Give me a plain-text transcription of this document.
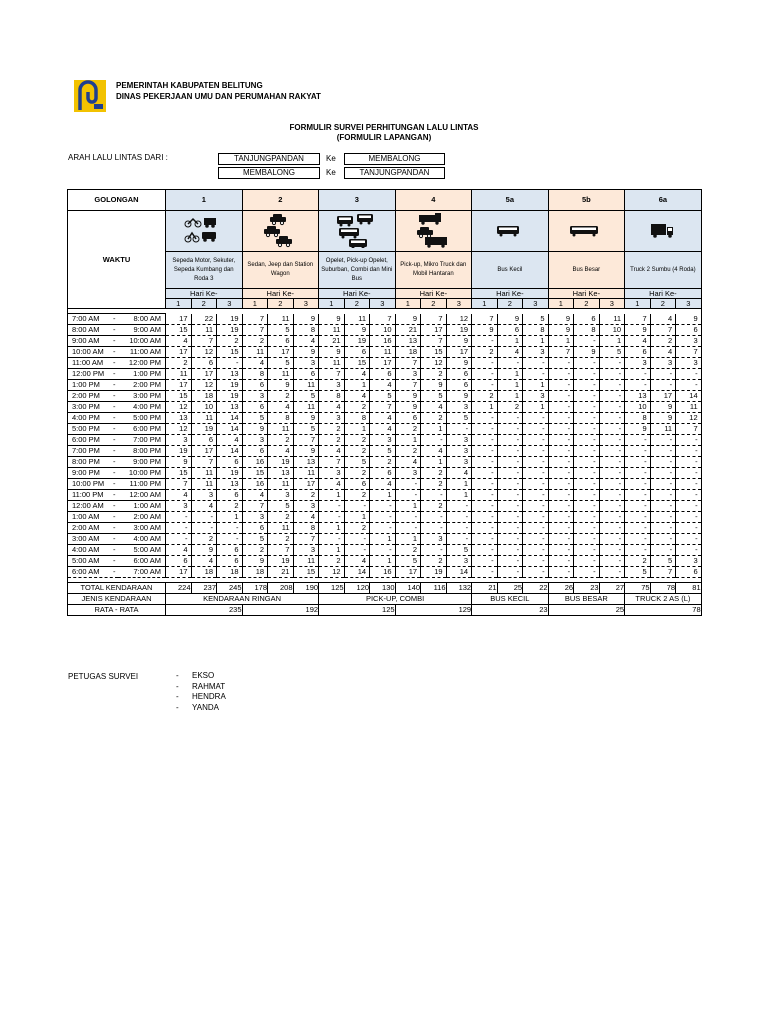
PEMERINTAH KABUPATEN BELITUNG
DINAS PEKERJAAN UMU DAN PERUMAHAN RAKYAT
FORMULIR SURVEI PERHITUNGAN LALU LINTAS
(FORMULIR LAPANGAN)
ARAH LALU LINTAS DARI :	TANJUNGPANDAN	Ke	MEMBALONG
MEMBALONG	Ke	TANJUNGPANDAN
GOLONGAN		1			2			3			4			5a			5b			6a		
WAKTU							
		Sepeda Motor, Sekuter, Sepeda Kumbang dan Roda 3			Sedan, Jeep dan Station Wagon			Opelet, Pick-up Opelet, Suburban, Combi dan Mini Bus			Pick-up, Mikro Truck dan Mobil Hantaran			Bus Kecil			Bus Besar			Truck 2 Sumbu (4 Roda)		
		Hari Ke-			Hari Ke-			Hari Ke-			Hari Ke-			Hari Ke-			Hari Ke-			Hari Ke-		
		1	2	3	1	2	3	1	2	3	1	2	3	1	2	3	1	2	3	1	2	3

7:00 AM -	8:00 AM	17	22	19	7	11	9	9	11	7	9	7	12	7	9	5	9	6	11	7	4	9
8:00 AM -	9:00 AM	15	11	19	7	5	8	11	9	10	21	17	19	9	6	8	9	8	10	9	7	6
9:00 AM -	10:00 AM	4	7	2	2	6	4	21	19	16	13	7	9	-	1	1	1	-	1	4	2	3
10:00 AM -	11:00 AM	17	12	15	11	17	9	9	6	11	18	15	17	2	4	3	7	9	5	6	4	7
11:00 AM -	12:00 PM	2	6	-	4	5	3	11	15	17	7	12	9	-	-	-	-	-	-	3	3	3
12:00 PM -	1:00 PM	11	17	13	8	11	6	7	4	6	3	2	6	-	1	-	-	-	-	-	-	-
1:00 PM -	2:00 PM	17	12	19	6	9	11	3	1	4	7	9	6	-	1	1	-	-	-	-	-	-
2:00 PM -	3:00 PM	15	18	19	3	2	5	8	4	5	9	5	9	2	1	3	-	-	-	13	17	14
3:00 PM -	4:00 PM	12	10	13	6	4	11	4	2	7	9	4	3	1	2	1	-	-	-	10	9	11
4:00 PM -	5:00 PM	13	11	14	5	8	9	3	8	4	6	2	5	-	-	-	-	-	-	8	9	12
5:00 PM -	6:00 PM	12	19	14	9	11	5	2	1	4	2	1	-	-	-	-	-	-	-	9	11	7
6:00 PM -	7:00 PM	3	6	4	3	2	7	2	2	3	1	-	3	-	-	-	-	-	-	-	-	-
7:00 PM -	8:00 PM	19	17	14	6	4	9	4	2	5	2	4	3	-	-	-	-	-	-	-	-	-
8:00 PM -	9:00 PM	9	7	6	16	19	13	7	5	2	4	1	3	-	-	-	-	-	-	-	-	-
9:00 PM -	10:00 PM	15	11	19	15	13	11	3	2	6	3	2	4	-	-	-	-	-	-	-	-	-
10:00 PM -	11:00 PM	7	11	13	16	11	17	4	6	4	-	2	1	-	-	-	-	-	-	-	-	-
11:00 PM -	12:00 AM	4	3	6	4	3	2	1	2	1	-	-	1	-	-	-	-	-	-	-	-	-
12:00 AM -	1:00 AM	3	4	2	7	5	3	-	-	-	1	2	-	-	-	-	-	-	-	-	-	-
1:00 AM -	2:00 AM	-	-	1	3	2	4	-	1	-	-	-	-	-	-	-	-	-	-	-	-	-
2:00 AM -	3:00 AM	-	-	-	6	11	8	1	2	-	-	-	-	-	-	-	-	-	-	-	-	-
3:00 AM -	4:00 AM	-	2	-	5	2	7	-	-	1	1	3	-	-	-	-	-	-	-	-	-	-
4:00 AM -	5:00 AM	4	9	6	2	7	3	1	-	-	2	-	5	-	-	-	-	-	-	-	-	-
5:00 AM -	6:00 AM	6	4	6	9	19	11	2	4	1	5	2	3	-	-	-	-	-	-	2	5	3
6:00 AM -	7:00 AM	17	18	18	18	21	15	12	14	16	17	19	14	-	-	-	-	-	-	5	7	6

TOTAL KENDARAAN		224	237	245	178	208	190	125	120	130	140	116	132	21	25	22	26	23	27	75	78	81
JENIS KENDARAAN		KENDARAAN RINGAN						PICK-UP, COMBI						BUS KECIL			BUS BESAR			TRUCK 2 AS (L)		
RATA - RATA		235			192			125			129			23			25			78		
PETUGAS SURVEI	- EKSO
- RAHMAT
- HENDRA
- YANDA
